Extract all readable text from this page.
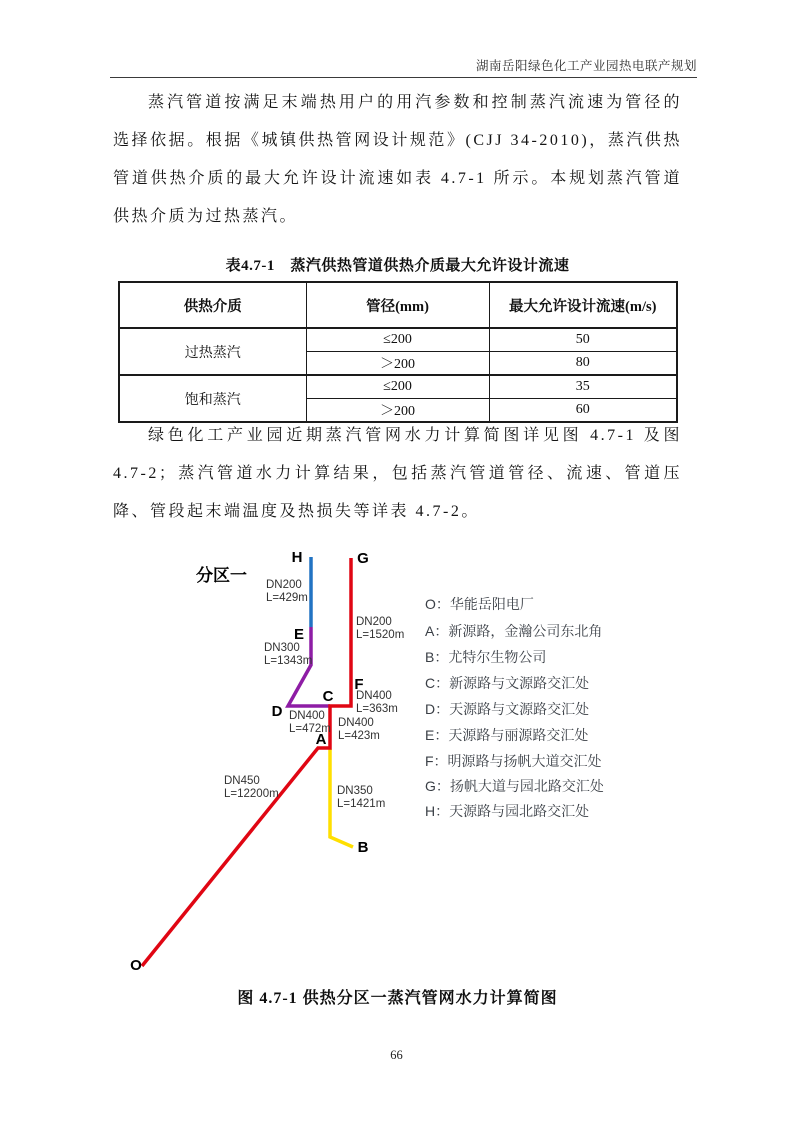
湖南岳阳绿色化工产业园热电联产规划

蒸汽管道按满足末端热用户的用汽参数和控制蒸汽流速为管径的选择依据。根据《城镇供热管网设计规范》(CJJ 34-2010)，蒸汽供热管道供热介质的最大允许设计流速如表 4.7-1 所示。本规划蒸汽管道供热介质为过热蒸汽。

表4.7-1　蒸汽供热管道供热介质最大允许设计流速
供热介质	管径(mm)	最大允许设计流速(m/s)
过热蒸汽	≤200	50
	＞200	80
饱和蒸汽	≤200	35
	＞200	60

绿色化工产业园近期蒸汽管网水力计算简图详见图 4.7-1 及图 4.7-2；蒸汽管道水力计算结果，包括蒸汽管道管径、流速、管道压降、管段起末端温度及热损失等详表 4.7-2。

分区一
H	G
E
D
C
F
A
B
O
DN200
L=429m
DN200
L=1520m
DN300
L=1343m
DN400
L=363m
DN400
L=472m DN400
L=423m
DN450
L=12200m	DN350
L=1421m
O：华能岳阳电厂
A：新源路，金瀚公司东北角
B：尤特尔生物公司
C：新源路与文源路交汇处
D：天源路与文源路交汇处
E：天源路与丽源路交汇处
F：明源路与扬帆大道交汇处
G：扬帆大道与园北路交汇处
H：天源路与园北路交汇处
图 4.7-1 供热分区一蒸汽管网水力计算简图
66
